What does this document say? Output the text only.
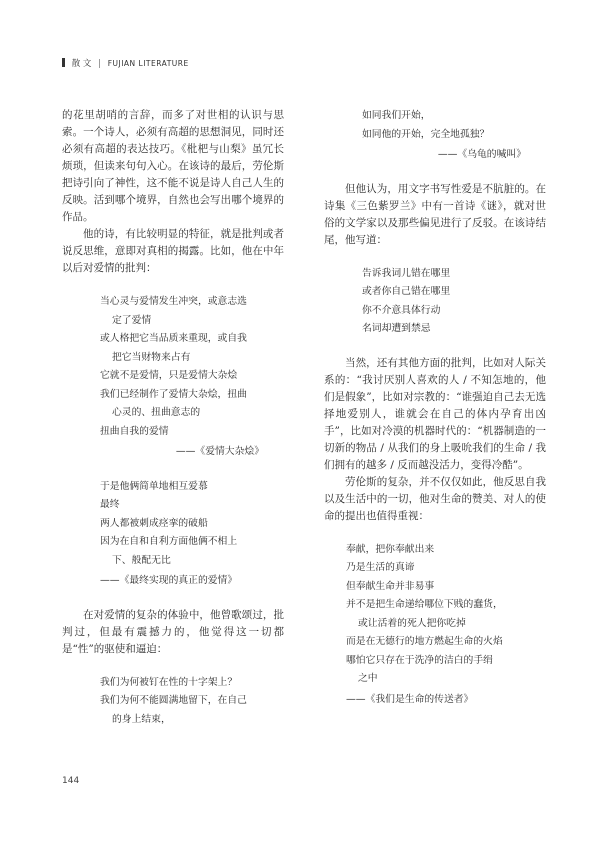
散 文 | FUJIAN LITERATURE

的花里胡哨的言辞，而多了对世相的认识与思索。一个诗人，必须有高超的思想洞见，同时还必须有高超的表达技巧。《枇杷与山梨》虽冗长烦琐，但读来句句入心。在该诗的最后，劳伦斯把诗引向了神性，这不能不说是诗人自己人生的反映。活到哪个境界，自然也会写出哪个境界的作品。

他的诗，有比较明显的特征，就是批判或者说反思维，意即对真相的揭露。比如，他在中年以后对爱情的批判：

当心灵与爱情发生冲突，或意志选
定了爱情
或人格把它当品质来重现，或自我
把它当财物来占有
它就不是爱情，只是爱情大杂烩
我们已经制作了爱情大杂烩，扭曲
心灵的、扭曲意志的
扭曲自我的爱情
——《爱情大杂烩》
于是他俩简单地相互爱慕
最终
两人都被刺成痉挛的破船
因为在自和自利方面他俩不相上
下、般配无比
——《最终实现的真正的爱情》

在对爱情的复杂的体验中，他曾歌颂过，批判过，但最有震撼力的，他觉得这一切都是“性”的驱使和逼迫：

我们为何被钉在性的十字架上？
我们为何不能圆满地留下，在自己
的身上结束，
如同我们开始，
如同他的开始，完全地孤独？
——《乌龟的喊叫》

但他认为，用文字书写性爱是不肮脏的。在诗集《三色紫罗兰》中有一首诗《谜》，就对世俗的文学家以及那些偏见进行了反驳。在该诗结尾，他写道：

告诉我词儿错在哪里
或者你自己错在哪里
你不介意具体行动
名词却遭到禁忌

当然，还有其他方面的批判，比如对人际关系的：“我讨厌别人喜欢的人 / 不知怎地的，他们是假象”，比如对宗教的：“谁强迫自己去无选择地爱别人，谁就会在自己的体内孕育出凶手”，比如对冷漠的机器时代的：“机器制造的一切新的物品 / 从我们的身上吸吮我们的生命 / 我们拥有的越多 / 反而越没活力，变得冷酷”。

劳伦斯的复杂，并不仅仅如此，他反思自我以及生活中的一切，他对生命的赞美、对人的使命的提出也值得重视：

奉献，把你奉献出来
乃是生活的真谛
但奉献生命并非易事
并不是把生命递给哪位下贱的蠢货，
或让活着的死人把你吃掉
而是在无德行的地方燃起生命的火焰
哪怕它只存在于洗净的洁白的手绢
之中
——《我们是生命的传送者》
144
